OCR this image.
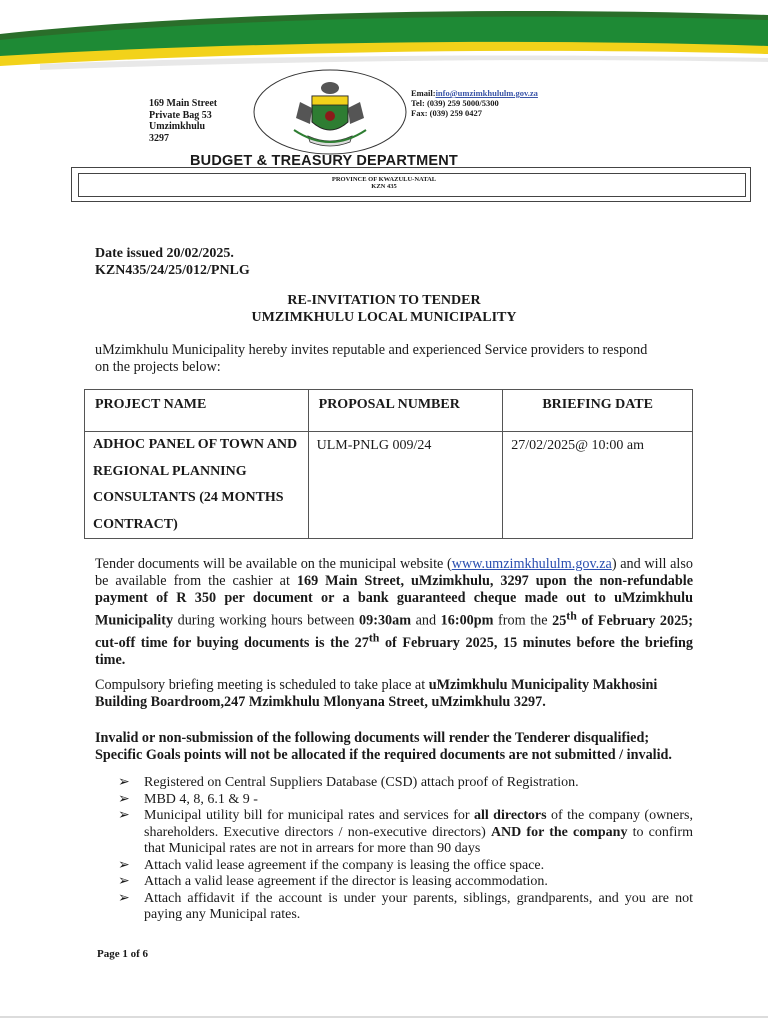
169 Main Street
Private Bag 53
Umzimkhulu
3297
Email:info@umzimkhululm.gov.za
Tel: (039) 259 5000/5300
Fax: (039) 259 0427
BUDGET & TREASURY DEPARTMENT
PROVINCE OF KWAZULU-NATAL
KZN 435
Date issued 20/02/2025.
KZN435/24/25/012/PNLG
RE-INVITATION TO TENDER
UMZIMKHULU LOCAL MUNICIPALITY

uMzimkhulu Municipality hereby invites reputable and experienced Service providers to respond on the projects below:

PROJECT NAME	PROPOSAL NUMBER	BRIEFING DATE
ADHOC PANEL OF TOWN AND REGIONAL PLANNING CONSULTANTS (24 MONTHS CONTRACT)	ULM-PNLG 009/24	27/02/2025@ 10:00 am

Tender documents will be available on the municipal website (www.umzimkhululm.gov.za) and will also be available from the cashier at 169 Main Street, uMzimkhulu, 3297 upon the non-refundable payment of R 350 per document or a bank guaranteed cheque made out to uMzimkhulu Municipality during working hours between 09:30am and 16:00pm from the 25th of February 2025; cut-off time for buying documents is the 27th of February 2025, 15 minutes before the briefing time.

Compulsory briefing meeting is scheduled to take place at uMzimkhulu Municipality Makhosini Building Boardroom,247 Mzimkhulu Mlonyana Street, uMzimkhulu 3297.

Invalid or non-submission of the following documents will render the Tenderer disqualified; Specific Goals points will not be allocated if the required documents are not submitted / invalid.

➢	Registered on Central Suppliers Database (CSD) attach proof of Registration.
➢	MBD 4, 8, 6.1 & 9 -
➢	Municipal utility bill for municipal rates and services for all directors of the company (owners, shareholders. Executive directors / non-executive directors) AND for the company to confirm that Municipal rates are not in arrears for more than 90 days
➢	Attach valid lease agreement if the company is leasing the office space.
➢	Attach a valid lease agreement if the director is leasing accommodation.
➢	Attach affidavit if the account is under your parents, siblings, grandparents, and you are not paying any Municipal rates.
Page 1 of 6
